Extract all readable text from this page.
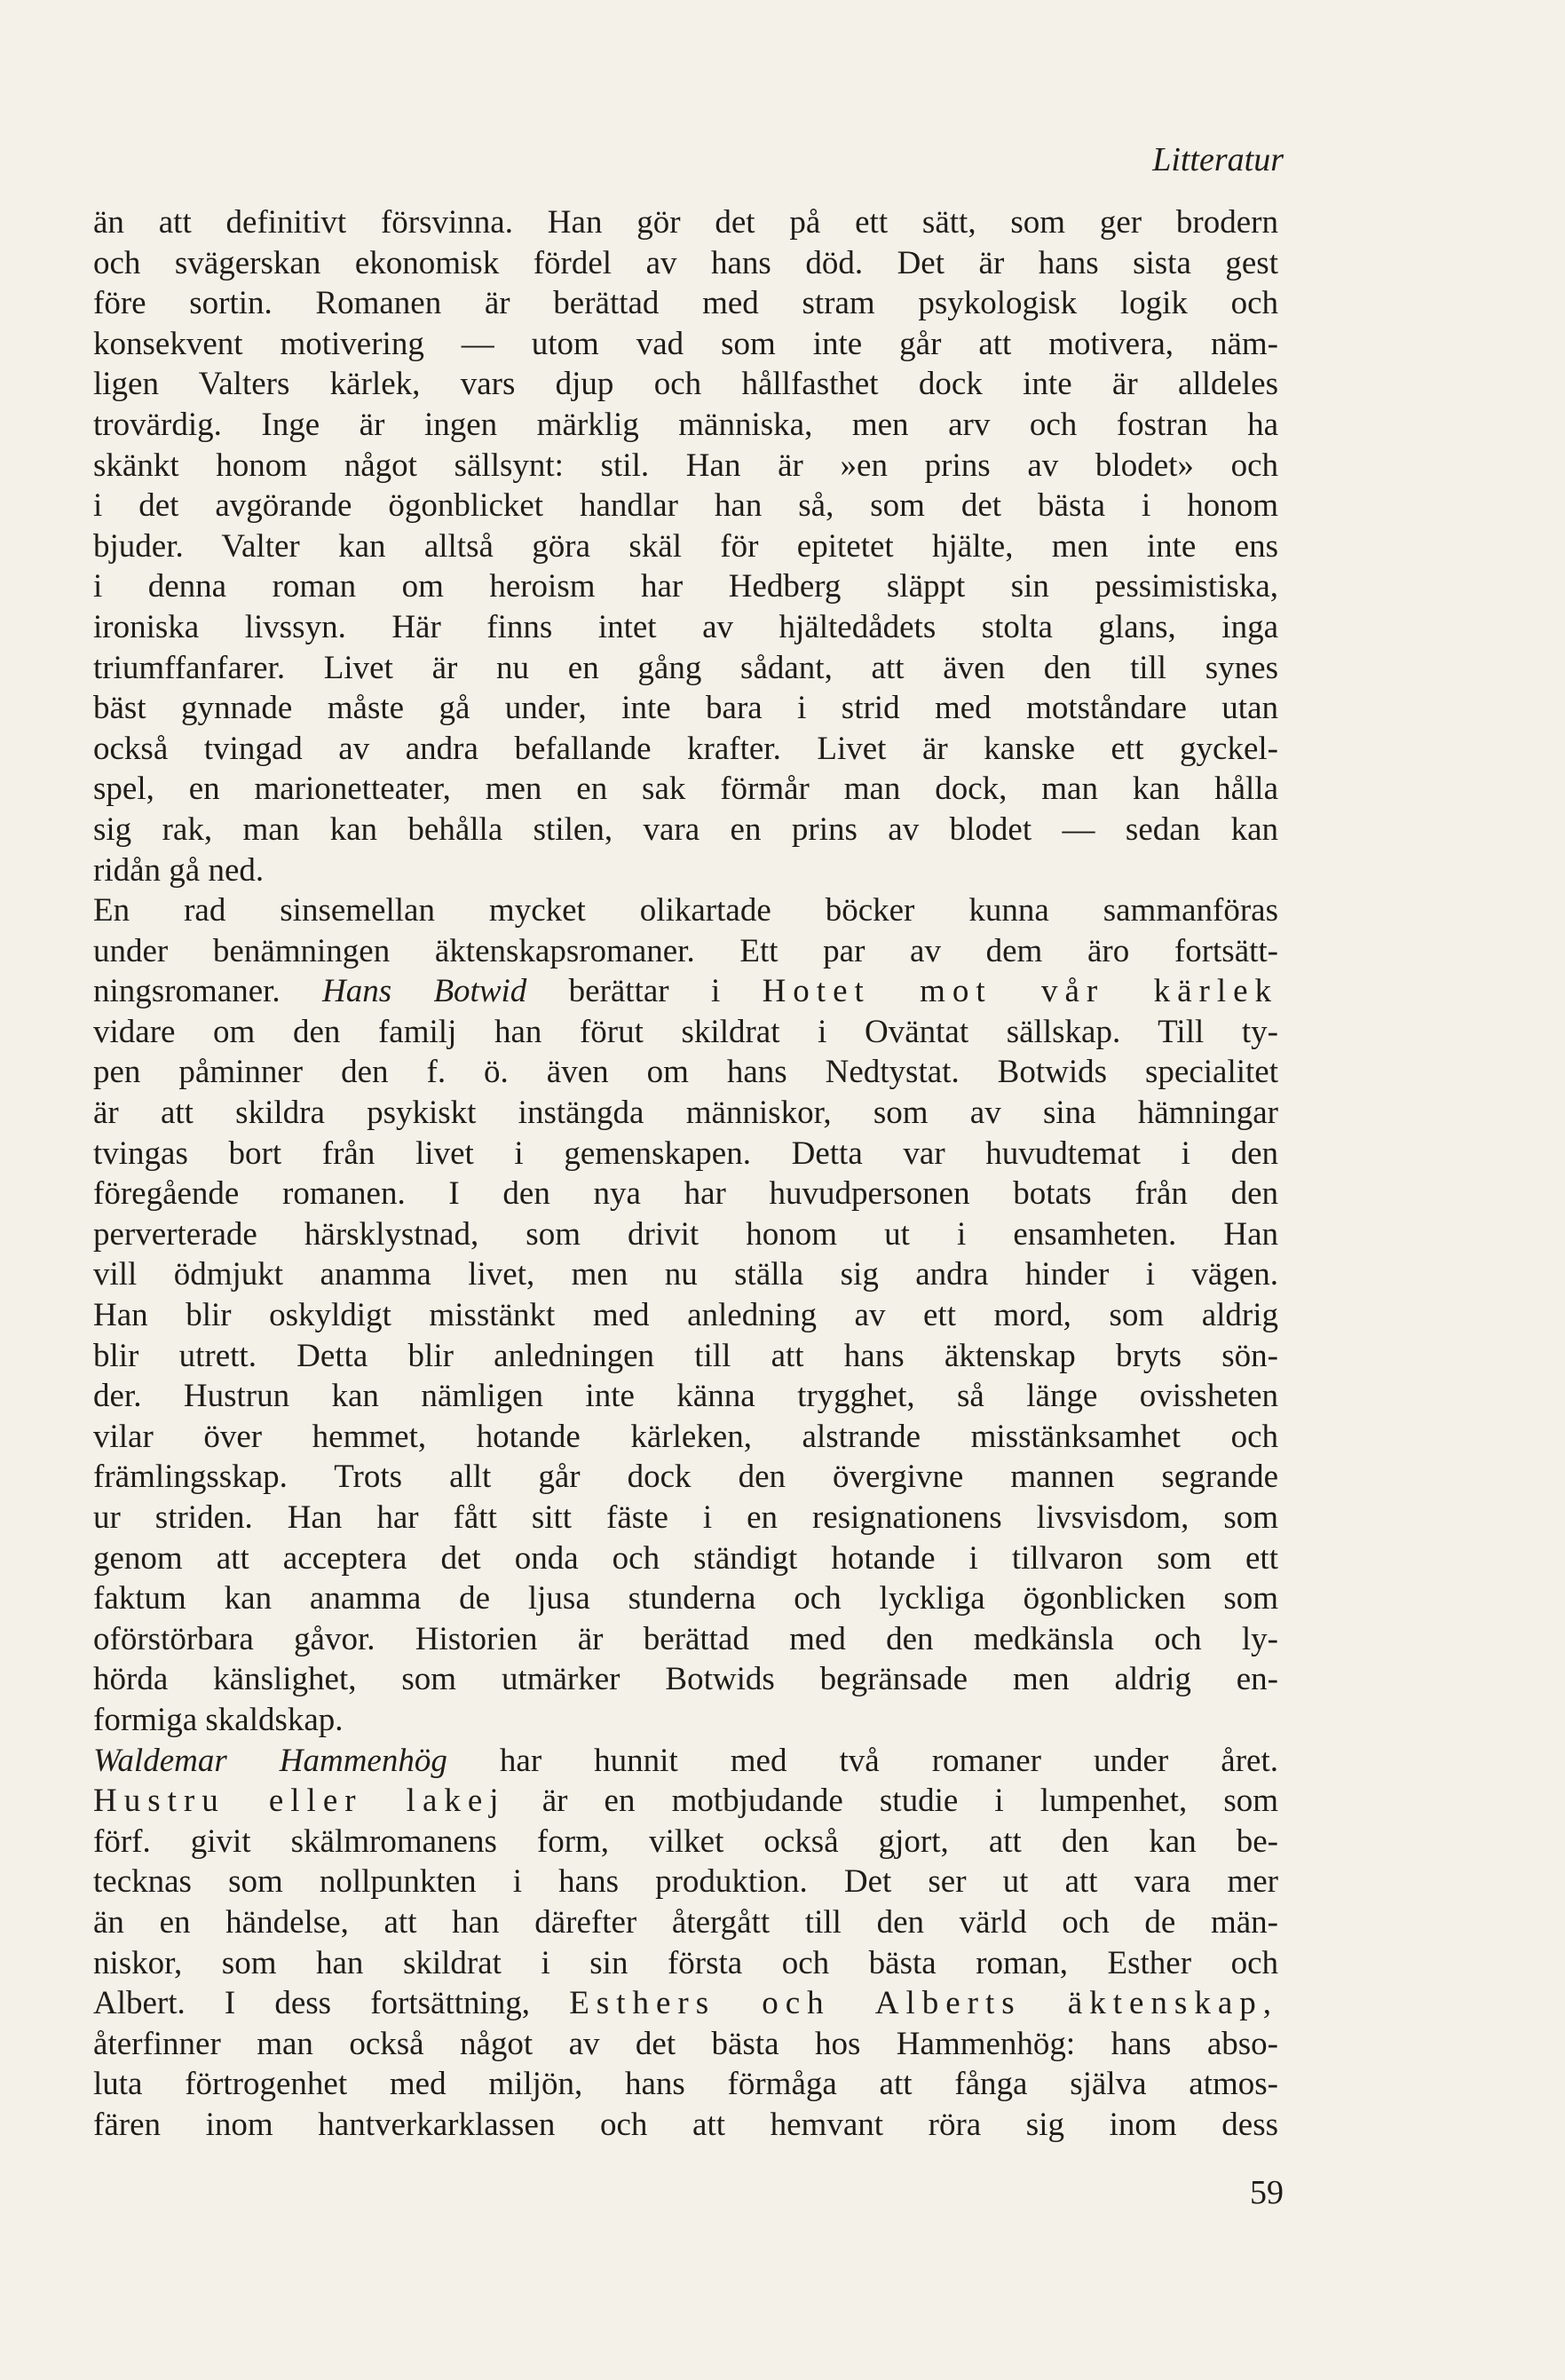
Litteratur
än att definitivt försvinna. Han gör det på ett sätt, som ger brodern
och svägerskan ekonomisk fördel av hans död. Det är hans sista gest
före sortin. Romanen är berättad med stram psykologisk logik och
konsekvent motivering — utom vad som inte går att motivera, näm-
ligen Valters kärlek, vars djup och hållfasthet dock inte är alldeles
trovärdig. Inge är ingen märklig människa, men arv och fostran ha
skänkt honom något sällsynt: stil. Han är »en prins av blodet» och
i det avgörande ögonblicket handlar han så, som det bästa i honom
bjuder. Valter kan alltså göra skäl för epitetet hjälte, men inte ens
i denna roman om heroism har Hedberg släppt sin pessimistiska,
ironiska livssyn. Här finns intet av hjältedådets stolta glans, inga
triumffanfarer. Livet är nu en gång sådant, att även den till synes
bäst gynnade måste gå under, inte bara i strid med motståndare utan
också tvingad av andra befallande krafter. Livet är kanske ett gyckel-
spel, en marionetteater, men en sak förmår man dock, man kan hålla
sig rak, man kan behålla stilen, vara en prins av blodet — sedan kan
ridån gå ned.
En rad sinsemellan mycket olikartade böcker kunna sammanföras
under benämningen äktenskapsromaner. Ett par av dem äro fortsätt-
ningsromaner. Hans Botwid berättar i Hotet mot vår kärlek
vidare om den familj han förut skildrat i Oväntat sällskap. Till ty-
pen påminner den f. ö. även om hans Nedtystat. Botwids specialitet
är att skildra psykiskt instängda människor, som av sina hämningar
tvingas bort från livet i gemenskapen. Detta var huvudtemat i den
föregående romanen. I den nya har huvudpersonen botats från den
perverterade härsklystnad, som drivit honom ut i ensamheten. Han
vill ödmjukt anamma livet, men nu ställa sig andra hinder i vägen.
Han blir oskyldigt misstänkt med anledning av ett mord, som aldrig
blir utrett. Detta blir anledningen till att hans äktenskap bryts sön-
der. Hustrun kan nämligen inte känna trygghet, så länge ovissheten
vilar över hemmet, hotande kärleken, alstrande misstänksamhet och
främlingsskap. Trots allt går dock den övergivne mannen segrande
ur striden. Han har fått sitt fäste i en resignationens livsvisdom, som
genom att acceptera det onda och ständigt hotande i tillvaron som ett
faktum kan anamma de ljusa stunderna och lyckliga ögonblicken som
oförstörbara gåvor. Historien är berättad med den medkänsla och ly-
hörda känslighet, som utmärker Botwids begränsade men aldrig en-
formiga skaldskap.
Waldemar Hammenhög har hunnit med två romaner under året.
Hustru eller lakej är en motbjudande studie i lumpenhet, som
förf. givit skälmromanens form, vilket också gjort, att den kan be-
tecknas som nollpunkten i hans produktion. Det ser ut att vara mer
än en händelse, att han därefter återgått till den värld och de män-
niskor, som han skildrat i sin första och bästa roman, Esther och
Albert. I dess fortsättning, Esthers och Alberts äktenskap,
återfinner man också något av det bästa hos Hammenhög: hans abso-
luta förtrogenhet med miljön, hans förmåga att fånga själva atmos-
fären inom hantverkarklassen och att hemvant röra sig inom dess
59
